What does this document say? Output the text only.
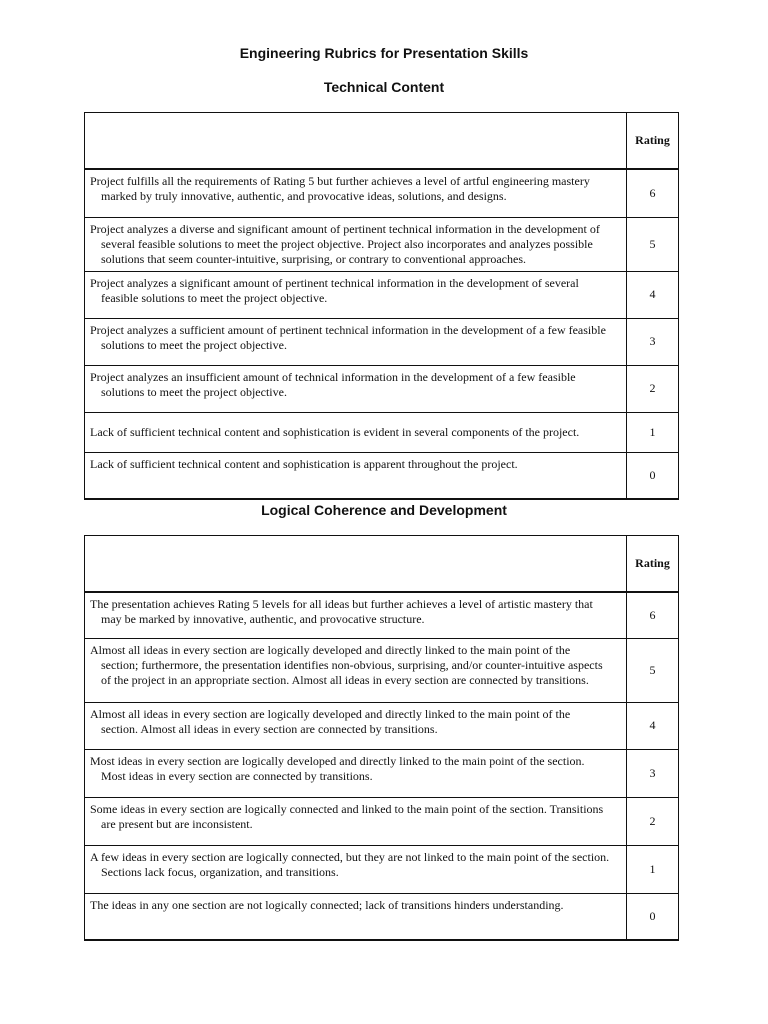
Engineering Rubrics for Presentation Skills
Technical Content
	Rating

Project fulfills all the requirements of Rating 5 but further achieves a level of artful engineering mastery marked by truly innovative, authentic, and provocative ideas, solutions, and designs.	6

Project analyzes a diverse and significant amount of pertinent technical information in the development of several feasible solutions to meet the project objective. Project also incorporates and analyzes possible solutions that seem counter-intuitive, surprising, or contrary to conventional approaches.	5

Project analyzes a significant amount of pertinent technical information in the development of several feasible solutions to meet the project objective.	4

Project analyzes a sufficient amount of pertinent technical information in the development of a few feasible solutions to meet the project objective.	3

Project analyzes an insufficient amount of technical information in the development of a few feasible solutions to meet the project objective.	2

Lack of sufficient technical content and sophistication is evident in several components of the project.	1

Lack of sufficient technical content and sophistication is apparent throughout the project.	0
Logical Coherence and Development
	Rating

The presentation achieves Rating 5 levels for all ideas but further achieves a level of artistic mastery that may be marked by innovative, authentic, and provocative structure.	6

Almost all ideas in every section are logically developed and directly linked to the main point of the section; furthermore, the presentation identifies non-obvious, surprising, and/or counter-intuitive aspects of the project in an appropriate section. Almost all ideas in every section are connected by transitions.	5

Almost all ideas in every section are logically developed and directly linked to the main point of the section. Almost all ideas in every section are connected by transitions.	4

Most ideas in every section are logically developed and directly linked to the main point of the section. Most ideas in every section are connected by transitions.	3

Some ideas in every section are logically connected and linked to the main point of the section. Transitions are present but are inconsistent.	2

A few ideas in every section are logically connected, but they are not linked to the main point of the section. Sections lack focus, organization, and transitions.	1

The ideas in any one section are not logically connected; lack of transitions hinders understanding.	0
